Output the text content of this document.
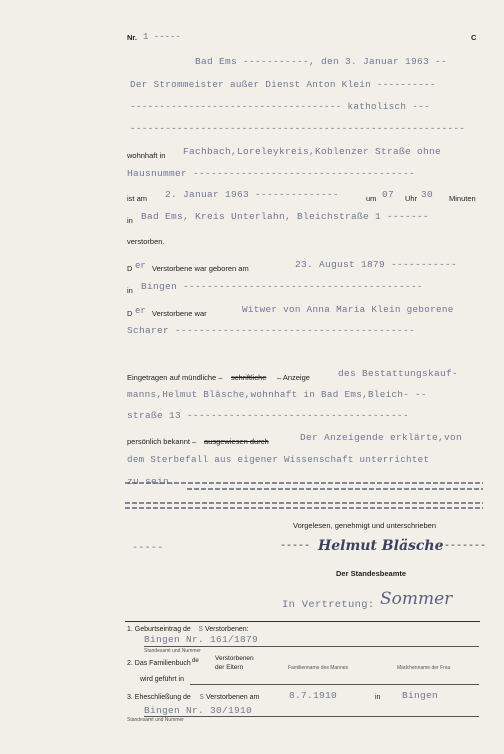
Nr. 1 -----	C
Bad Ems -----------, den 3. Januar 1963 --
Der Strommeister außer Dienst Anton Klein ----------
------------------------------------ katholisch ---
---------------------------------------------------------
wohnhaft in Fachbach,Loreleykreis,Koblenzer Straße ohne
Hausnummer -------------------------------------
ist am 2. Januar 1963 --------------	um 07 Uhr 30 Minuten
in Bad Ems, Kreis Unterlahn, Bleichstraße 1 -------
verstorben.
D er Verstorbene war geboren am	23. August 1879 -----------
in Bingen ----------------------------------------
D er Verstorbene war	Witwer von Anna Maria Klein geborene
Scharer ----------------------------------------
Eingetragen auf mündliche – schriftliche – Anzeige	des Bestattungskauf-
manns,Helmut Bläsche,wohnhaft in Bad Ems,Bleich- --
straße 13 -------------------------------------
persönlich bekannt – ausgewiesen durch	Der Anzeigende erklärte,von
dem Sterbefall aus eigener Wissenschaft unterrichtet
zu sein.
Vorgelesen, genehmigt und unterschrieben
-----	----- Helmut Bläsche
--------
Der Standesbeamte
In Vertretung: Sommer
1. Geburtseintrag de s Verstorbenen:
Bingen Nr. 161/1879
Standesamt und Nummer
2. Das Familienbuch de	Verstorbenen
der Eltern	Familienname des Mannes	Mädchenname der Frau
wird geführt in
3. Eheschließung de s Verstorbenen am	8.7.1910	in Bingen
Bingen Nr. 30/1910
Standesamt und Nummer
